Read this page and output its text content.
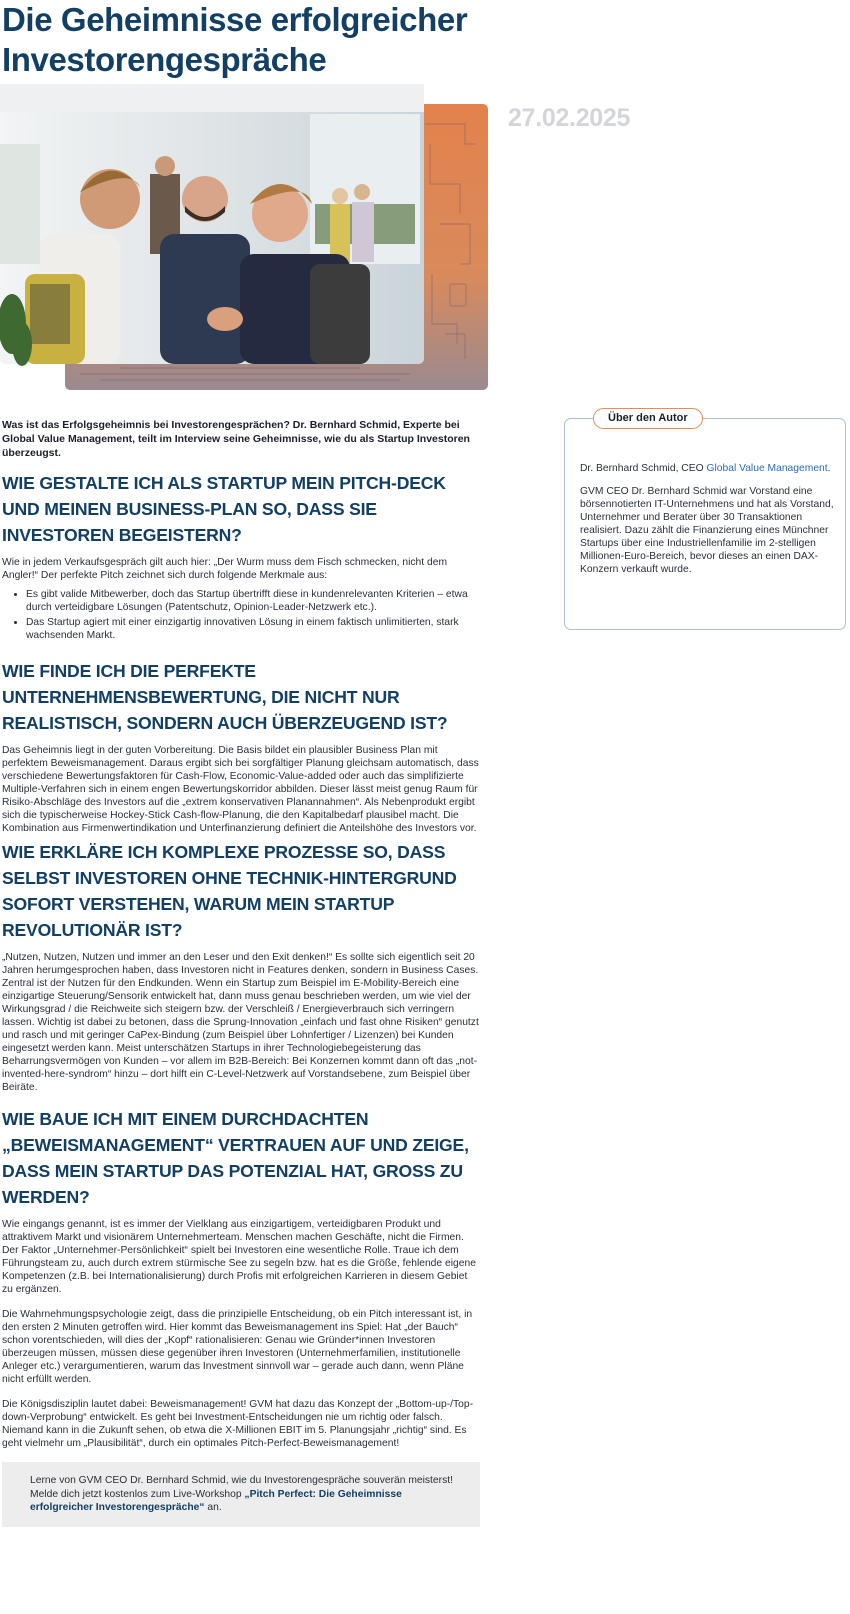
Die Geheimnisse erfolgreicher Investorengespräche
27.02.2025

Was ist das Erfolgsgeheimnis bei Investorengesprächen? Dr. Bernhard Schmid, Experte bei Global Value Management, teilt im Interview seine Geheimnisse, wie du als Startup Investoren überzeugst.

WIE GESTALTE ICH ALS STARTUP MEIN PITCH-DECK UND MEINEN BUSINESS-PLAN SO, DASS SIE INVESTOREN BEGEISTERN?

Wie in jedem Verkaufsgespräch gilt auch hier: „Der Wurm muss dem Fisch schmecken, nicht dem Angler!“ Der perfekte Pitch zeichnet sich durch folgende Merkmale aus:

• Es gibt valide Mitbewerber, doch das Startup übertrifft diese in kundenrelevanten Kriterien – etwa durch verteidigbare Lösungen (Patentschutz, Opinion-Leader-Netzwerk etc.).
• Das Startup agiert mit einer einzigartig innovativen Lösung in einem faktisch unlimitierten, stark wachsenden Markt.
WIE FINDE ICH DIE PERFEKTE UNTERNEHMENSBEWERTUNG, DIE NICHT NUR REALISTISCH, SONDERN AUCH ÜBERZEUGEND IST?

Das Geheimnis liegt in der guten Vorbereitung. Die Basis bildet ein plausibler Business Plan mit perfektem Beweismanagement. Daraus ergibt sich bei sorgfältiger Planung gleichsam automatisch, dass verschiedene Bewertungsfaktoren für Cash-Flow, Economic-Value-added oder auch das simplifizierte Multiple-Verfahren sich in einem engen Bewertungskorridor abbilden. Dieser lässt meist genug Raum für Risiko-Abschläge des Investors auf die „extrem konservativen Planannahmen“. Als Nebenprodukt ergibt sich die typischerweise Hockey-Stick Cash-flow-Planung, die den Kapitalbedarf plausibel macht. Die Kombination aus Firmenwertindikation und Unterfinanzierung definiert die Anteilshöhe des Investors vor.

WIE ERKLÄRE ICH KOMPLEXE PROZESSE SO, DASS SELBST INVESTOREN OHNE TECHNIK-HINTERGRUND SOFORT VERSTEHEN, WARUM MEIN STARTUP REVOLUTIONÄR IST?

„Nutzen, Nutzen, Nutzen und immer an den Leser und den Exit denken!“ Es sollte sich eigentlich seit 20 Jahren herumgesprochen haben, dass Investoren nicht in Features denken, sondern in Business Cases. Zentral ist der Nutzen für den Endkunden. Wenn ein Startup zum Beispiel im E-Mobility-Bereich eine einzigartige Steuerung/Sensorik entwickelt hat, dann muss genau beschrieben werden, um wie viel der Wirkungsgrad / die Reichweite sich steigern bzw. der Verschleiß / Energieverbrauch sich verringern lassen. Wichtig ist dabei zu betonen, dass die Sprung-Innovation „einfach und fast ohne Risiken“ genutzt und rasch und mit geringer CaPex-Bindung (zum Beispiel über Lohnfertiger / Lizenzen) bei Kunden eingesetzt werden kann. Meist unterschätzen Startups in ihrer Technologiebegeisterung das Beharrungsvermögen von Kunden – vor allem im B2B-Bereich: Bei Konzernen kommt dann oft das „not-invented-here-syndrom“ hinzu – dort hilft ein C-Level-Netzwerk auf Vorstandsebene, zum Beispiel über Beiräte.

WIE BAUE ICH MIT EINEM DURCHDACHTEN „BEWEISMANAGEMENT“ VERTRAUEN AUF UND ZEIGE, DASS MEIN STARTUP DAS POTENZIAL HAT, GROSS ZU WERDEN?

Wie eingangs genannt, ist es immer der Vielklang aus einzigartigem, verteidigbaren Produkt und attraktivem Markt und visionärem Unternehmerteam. Menschen machen Geschäfte, nicht die Firmen. Der Faktor „Unternehmer-Persönlichkeit“ spielt bei Investoren eine wesentliche Rolle. Traue ich dem Führungsteam zu, auch durch extrem stürmische See zu segeln bzw. hat es die Größe, fehlende eigene Kompetenzen (z.B. bei Internationalisierung) durch Profis mit erfolgreichen Karrieren in diesem Gebiet zu ergänzen.

Die Wahrnehmungspsychologie zeigt, dass die prinzipielle Entscheidung, ob ein Pitch interessant ist, in den ersten 2 Minuten getroffen wird. Hier kommt das Beweismanagement ins Spiel: Hat „der Bauch“ schon vorentschieden, will dies der „Kopf“ rationalisieren: Genau wie Gründer*innen Investoren überzeugen müssen, müssen diese gegenüber ihren Investoren (Unternehmerfamilien, institutionelle Anleger etc.) verargumentieren, warum das Investment sinnvoll war – gerade auch dann, wenn Pläne nicht erfüllt werden.

Die Königsdisziplin lautet dabei: Beweismanagement! GVM hat dazu das Konzept der „Bottom-up-/Top-down-Verprobung“ entwickelt. Es geht bei Investment-Entscheidungen nie um richtig oder falsch. Niemand kann in die Zukunft sehen, ob etwa die X-Millionen EBIT im 5. Planungsjahr „richtig“ sind. Es geht vielmehr um „Plausibilität“, durch ein optimales Pitch-Perfect-Beweismanagement!

Lerne von GVM CEO Dr. Bernhard Schmid, wie du Investorengespräche souverän meisterst! Melde dich jetzt kostenlos zum Live-Workshop „Pitch Perfect: Die Geheimnisse erfolgreicher Investorengespräche“ an.
Über den Autor

Dr. Bernhard Schmid, CEO Global Value Management.

GVM CEO Dr. Bernhard Schmid war Vorstand eine börsennotierten IT-Unternehmens und hat als Vorstand, Unternehmer und Berater über 30 Transaktionen realisiert. Dazu zählt die Finanzierung eines Münchner Startups über eine Industriellenfamilie im 2-stelligen Millionen-Euro-Bereich, bevor dieses an einen DAX-Konzern verkauft wurde.
